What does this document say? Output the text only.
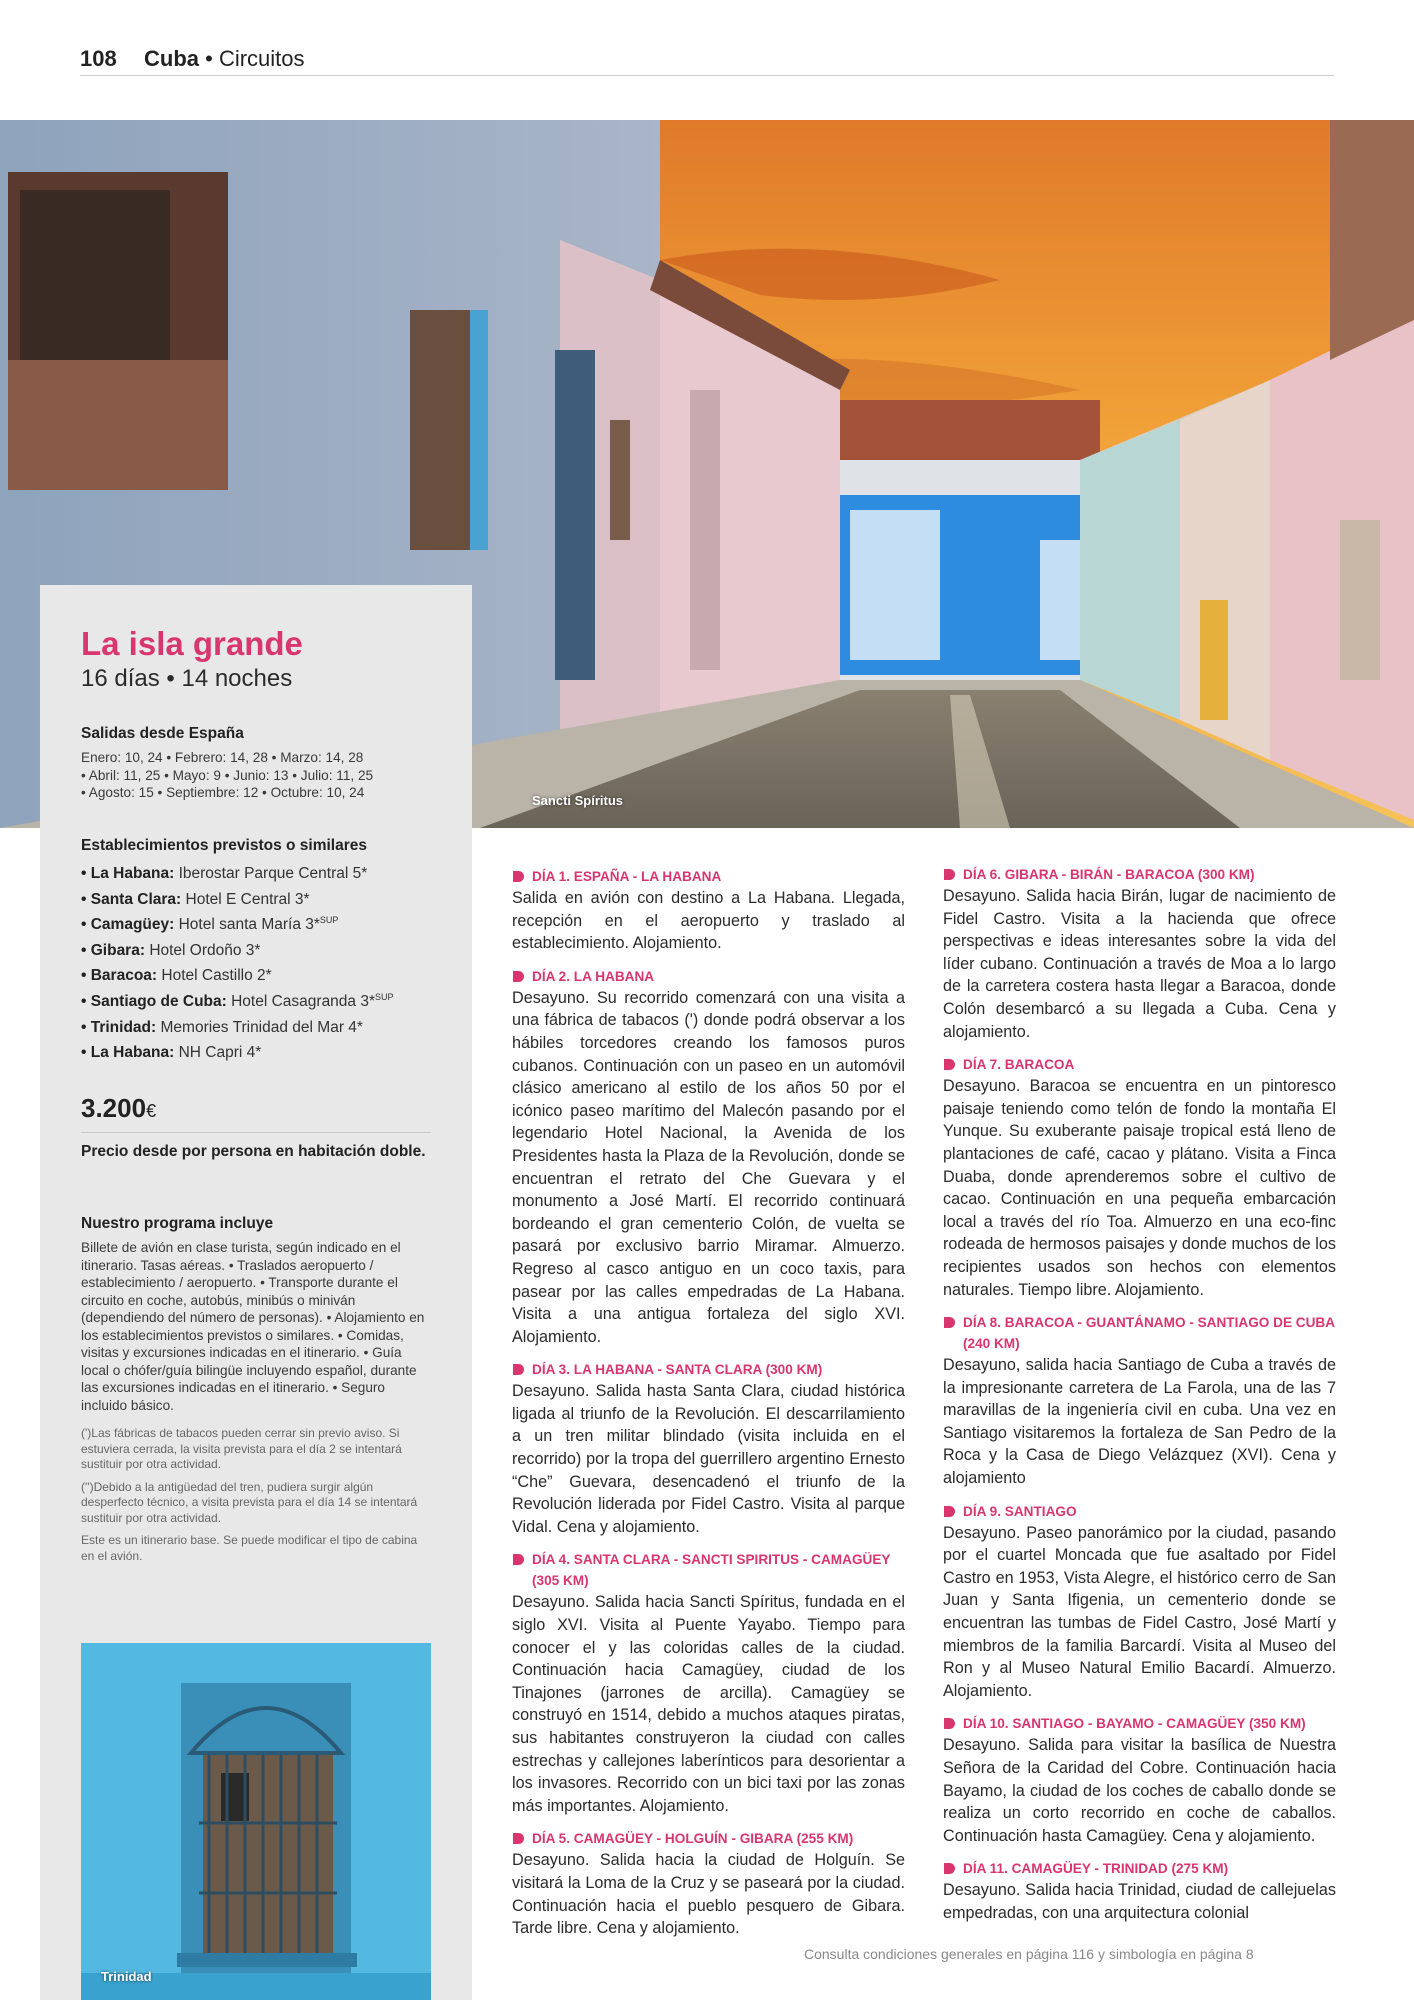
108 Cuba • Circuitos
Sancti Spíritus
La isla grande
16 días • 14 noches
Salidas desde España
Enero: 10, 24 • Febrero: 14, 28 • Marzo: 14, 28
• Abril: 11, 25 • Mayo: 9 • Junio: 13 • Julio: 11, 25
• Agosto: 15 • Septiembre: 12 • Octubre: 10, 24
Establecimientos previstos o similares
• La Habana: Iberostar Parque Central 5*
• Santa Clara: Hotel E Central 3*
• Camagüey: Hotel santa María 3*$^{SUP}$
• Gibara: Hotel Ordoño 3*
• Baracoa: Hotel Castillo 2*
• Santiago de Cuba: Hotel Casagranda 3*$^{SUP}$
• Trinidad: Memories Trinidad del Mar 4*
• La Habana: NH Capri 4*
3.200€
Precio desde por persona en habitación doble.
Nuestro programa incluye
Billete de avión en clase turista, según indicado en el itinerario. Tasas aéreas. • Traslados aeropuerto / establecimiento / aeropuerto. • Transporte durante el circuito en coche, autobús, minibús o miniván (dependiendo del número de personas). • Alojamiento en los establecimientos previstos o similares. • Comidas, visitas y excursiones indicadas en el itinerario. • Guía local o chófer/guía bilingüe incluyendo español, durante las excursiones indicadas en el itinerario. • Seguro incluido básico.

(')Las fábricas de tabacos pueden cerrar sin previo aviso. Si estuviera cerrada, la visita prevista para el día 2 se intentará sustituir por otra actividad.

('')Debido a la antigüedad del tren, pudiera surgir algún desperfecto técnico, a visita prevista para el día 14 se intentará sustituir por otra actividad.

Este es un itinerario base. Se puede modificar el tipo de cabina en el avión.

Trinidad
DÍA 1. ESPAÑA - LA HABANA
Salida en avión con destino a La Habana. Llegada, recepción en el aeropuerto y traslado al establecimiento. Alojamiento.
DÍA 2. LA HABANA
Desayuno. Su recorrido comenzará con una visita a una fábrica de tabacos (') donde podrá observar a los hábiles torcedores creando los famosos puros cubanos. Continuación con un paseo en un automóvil clásico americano al estilo de los años 50 por el icónico paseo marítimo del Malecón pasando por el legendario Hotel Nacional, la Avenida de los Presidentes hasta la Plaza de la Revolución, donde se encuentran el retrato del Che Guevara y el monumento a José Martí. El recorrido continuará bordeando el gran cementerio Colón, de vuelta se pasará por exclusivo barrio Miramar. Almuerzo. Regreso al casco antiguo en un coco taxis, para pasear por las calles empedradas de La Habana. Visita a una antigua fortaleza del siglo XVI. Alojamiento.
DÍA 3. LA HABANA - SANTA CLARA (300 KM)
Desayuno. Salida hasta Santa Clara, ciudad histórica ligada al triunfo de la Revolución. El descarrilamiento a un tren militar blindado (visita incluida en el recorrido) por la tropa del guerrillero argentino Ernesto “Che” Guevara, desencadenó el triunfo de la Revolución liderada por Fidel Castro. Visita al parque Vidal. Cena y alojamiento.
DÍA 4. SANTA CLARA - SANCTI SPIRITUS - CAMAGÜEY (305 KM)
Desayuno. Salida hacia Sancti Spíritus, fundada en el siglo XVI. Visita al Puente Yayabo. Tiempo para conocer el y las coloridas calles de la ciudad. Continuación hacia Camagüey, ciudad de los Tinajones (jarrones de arcilla). Camagüey se construyó en 1514, debido a muchos ataques piratas, sus habitantes construyeron la ciudad con calles estrechas y callejones laberínticos para desorientar a los invasores. Recorrido con un bici taxi por las zonas más importantes. Alojamiento.
DÍA 5. CAMAGÜEY - HOLGUÍN - GIBARA (255 KM)
Desayuno. Salida hacia la ciudad de Holguín. Se visitará la Loma de la Cruz y se paseará por la ciudad. Continuación hacia el pueblo pesquero de Gibara. Tarde libre. Cena y alojamiento.
DÍA 6. GIBARA - BIRÁN - BARACOA (300 KM)
Desayuno. Salida hacia Birán, lugar de nacimiento de Fidel Castro. Visita a la hacienda que ofrece perspectivas e ideas interesantes sobre la vida del líder cubano. Continuación a través de Moa a lo largo de la carretera costera hasta llegar a Baracoa, donde Colón desembarcó a su llegada a Cuba. Cena y alojamiento.
DÍA 7. BARACOA
Desayuno. Baracoa se encuentra en un pintoresco paisaje teniendo como telón de fondo la montaña El Yunque. Su exuberante paisaje tropical está lleno de plantaciones de café, cacao y plátano. Visita a Finca Duaba, donde aprenderemos sobre el cultivo de cacao. Continuación en una pequeña embarcación local a través del río Toa. Almuerzo en una eco-finc rodeada de hermosos paisajes y donde muchos de los recipientes usados son hechos con elementos naturales. Tiempo libre. Alojamiento.
DÍA 8. BARACOA - GUANTÁNAMO - SANTIAGO DE CUBA (240 KM)
Desayuno, salida hacia Santiago de Cuba a través de la impresionante carretera de La Farola, una de las 7 maravillas de la ingeniería civil en cuba. Una vez en Santiago visitaremos la fortaleza de San Pedro de la Roca y la Casa de Diego Velázquez (XVI). Cena y alojamiento
DÍA 9. SANTIAGO
Desayuno. Paseo panorámico por la ciudad, pasando por el cuartel Moncada que fue asaltado por Fidel Castro en 1953, Vista Alegre, el histórico cerro de San Juan y Santa Ifigenia, un cementerio donde se encuentran las tumbas de Fidel Castro, José Martí y miembros de la familia Barcardí. Visita al Museo del Ron y al Museo Natural Emilio Bacardí. Almuerzo. Alojamiento.
DÍA 10. SANTIAGO - BAYAMO - CAMAGÜEY (350 KM)
Desayuno. Salida para visitar la basílica de Nuestra Señora de la Caridad del Cobre. Continuación hacia Bayamo, la ciudad de los coches de caballo donde se realiza un corto recorrido en coche de caballos. Continuación hasta Camagüey. Cena y alojamiento.
DÍA 11. CAMAGÜEY - TRINIDAD (275 KM)
Desayuno. Salida hacia Trinidad, ciudad de callejuelas empedradas, con una arquitectura colonial
Consulta condiciones generales en página 116 y simbología en página 8
